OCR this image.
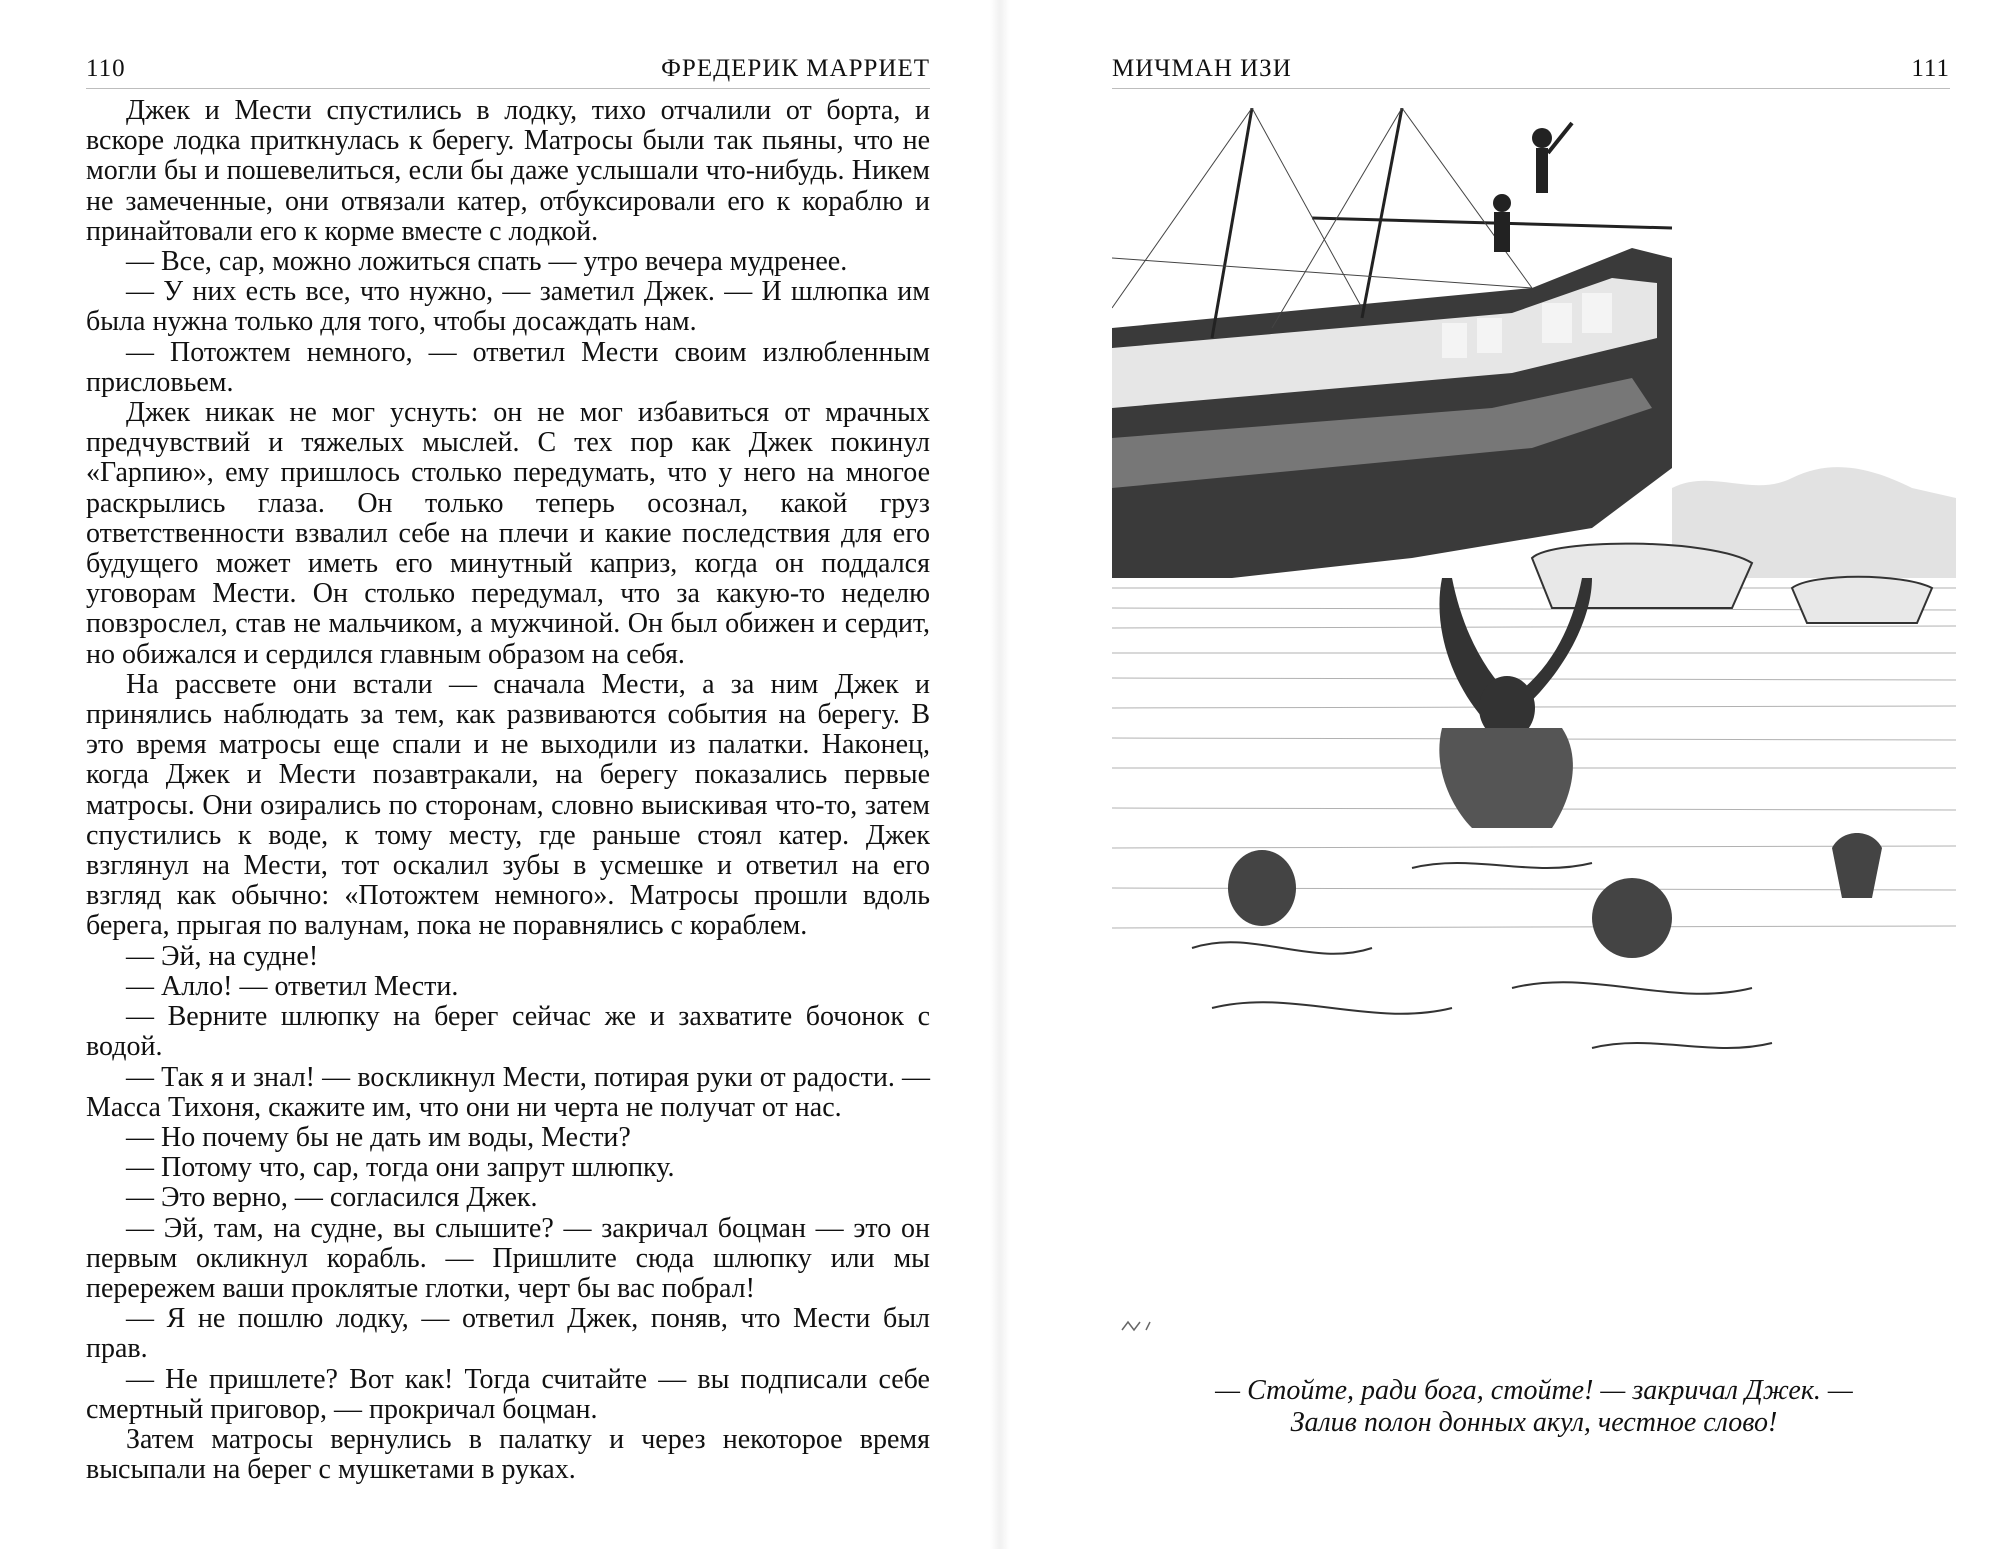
110	ФРЕДЕРИК МАРРИЕТ

Джек и Мести спустились в лодку, тихо отчалили от борта, и вскоре лодка приткнулась к берегу. Матросы были так пьяны, что не могли бы и пошевелиться, если бы даже услышали что-нибудь. Никем не замеченные, они отвязали катер, отбуксировали его к кораблю и принайтовали его к корме вместе с лодкой.

— Все, сар, можно ложиться спать — утро вечера мудренее.

— У них есть все, что нужно, — заметил Джек. — И шлюпка им была нужна только для того, чтобы досаждать нам.

— Потожтем немного, — ответил Мести своим излюбленным присловьем.

Джек никак не мог уснуть: он не мог избавиться от мрачных предчувствий и тяжелых мыслей. С тех пор как Джек покинул «Гарпию», ему пришлось столько передумать, что у него на многое раскрылись глаза. Он только теперь осознал, какой груз ответственности взвалил себе на плечи и какие последствия для его будущего может иметь его минутный каприз, когда он поддался уговорам Мести. Он столько передумал, что за какую-то неделю повзрослел, став не мальчиком, а мужчиной. Он был обижен и сердит, но обижался и сердился главным образом на себя.

На рассвете они встали — сначала Мести, а за ним Джек и принялись наблюдать за тем, как развиваются события на берегу. В это время матросы еще спали и не выходили из палатки. Наконец, когда Джек и Мести позавтракали, на берегу показались первые матросы. Они озирались по сторонам, словно выискивая что-то, затем спустились к воде, к тому месту, где раньше стоял катер. Джек взглянул на Мести, тот оскалил зубы в усмешке и ответил на его взгляд как обычно: «Потожтем немного». Матросы прошли вдоль берега, прыгая по валунам, пока не поравнялись с кораблем.

— Эй, на судне!

— Алло! — ответил Мести.

— Верните шлюпку на берег сейчас же и захватите бочонок с водой.

— Так я и знал! — воскликнул Мести, потирая руки от радости. — Масса Тихоня, скажите им, что они ни черта не получат от нас.

— Но почему бы не дать им воды, Мести?

— Потому что, сар, тогда они запрут шлюпку.

— Это верно, — согласился Джек.

— Эй, там, на судне, вы слышите? — закричал боцман — это он первым окликнул корабль. — Пришлите сюда шлюпку или мы перережем ваши проклятые глотки, черт бы вас побрал!

— Я не пошлю лодку, — ответил Джек, поняв, что Мести был прав.

— Не пришлете? Вот как! Тогда считайте — вы подписали себе смертный приговор, — прокричал боцман.

Затем матросы вернулись в палатку и через некоторое время высыпали на берег с мушкетами в руках.

МИЧМАН ИЗИ	111
— Стойте, ради бога, стойте! — закричал Джек. —
Залив полон донных акул, честное слово!
